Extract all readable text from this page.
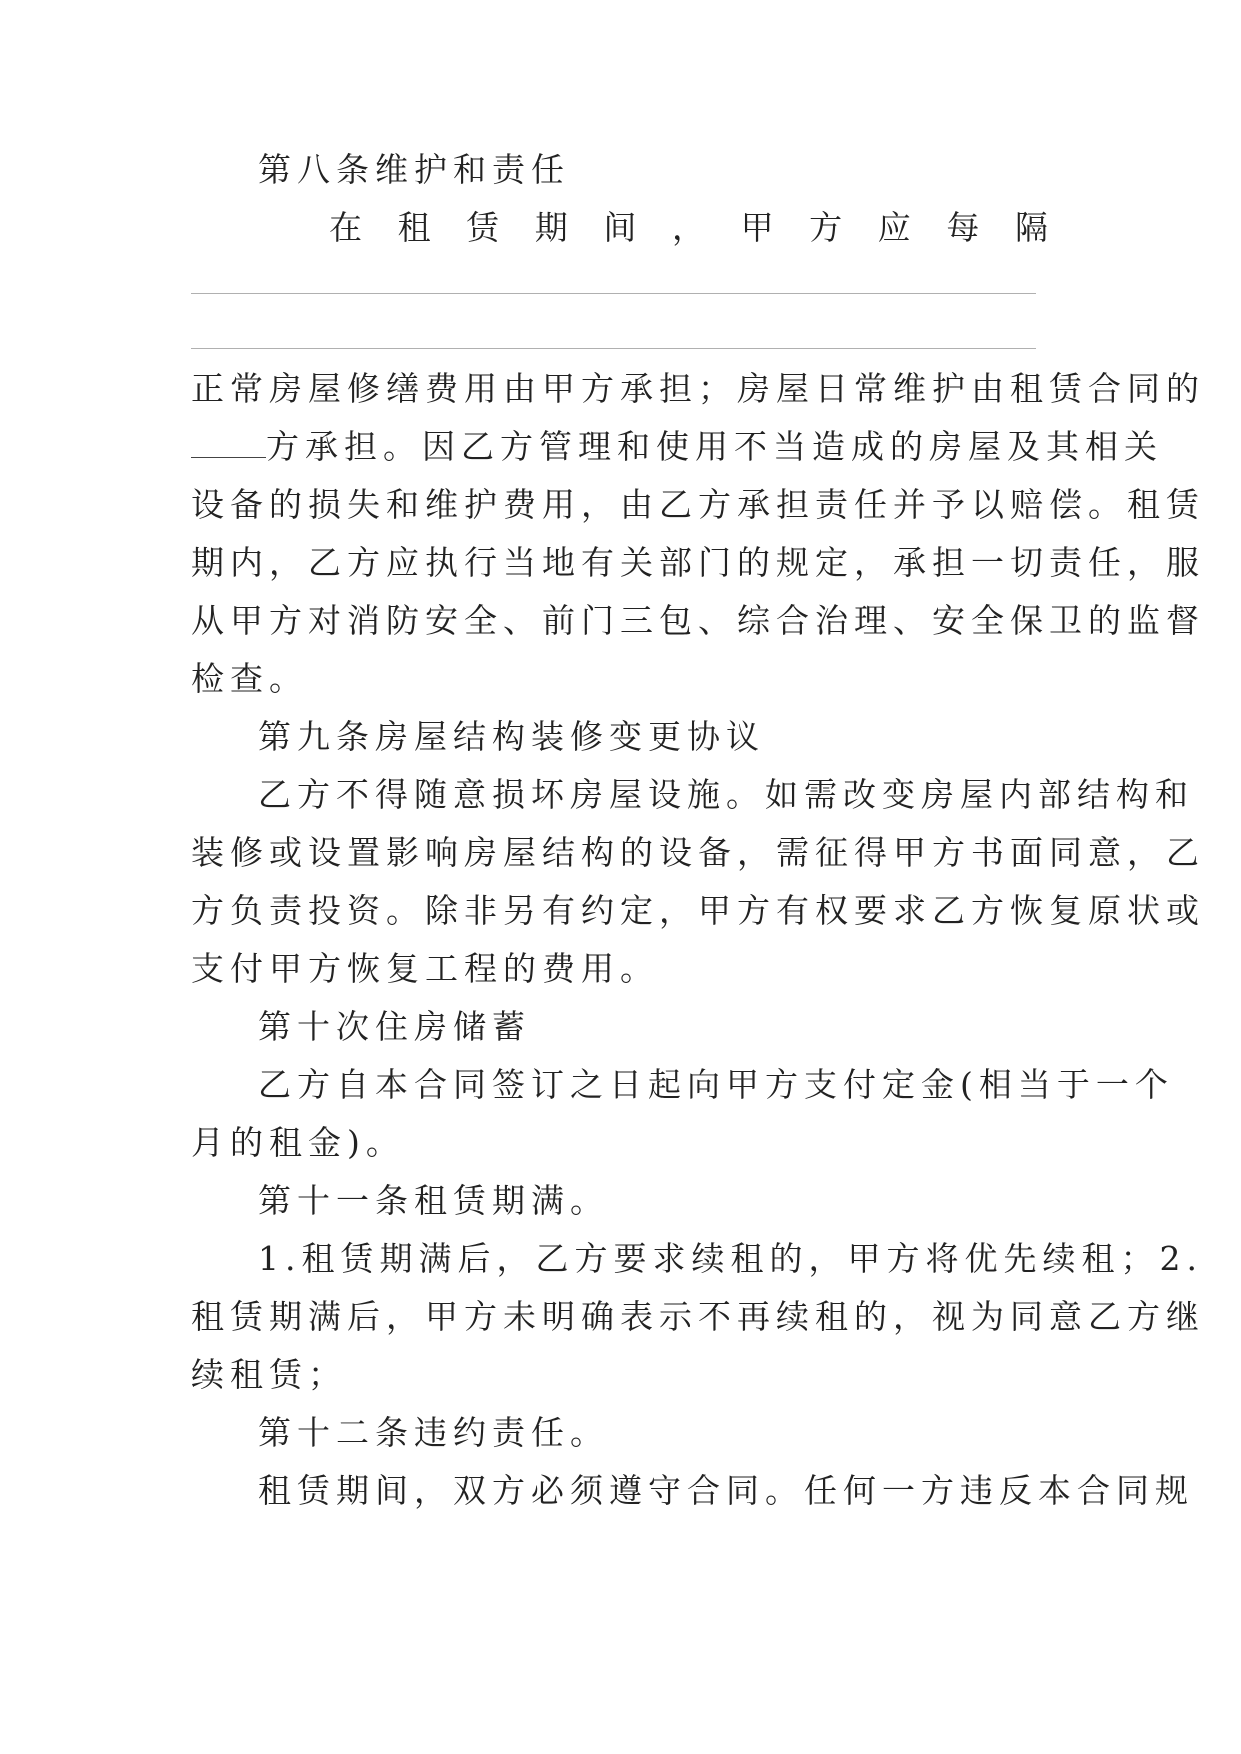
第八条维护和责任
在 租 赁 期 间 ， 甲 方 应 每 隔
正常房屋修缮费用由甲方承担；房屋日常维护由租赁合同的
方承担。因乙方管理和使用不当造成的房屋及其相关
设备的损失和维护费用，由乙方承担责任并予以赔偿。租赁
期内，乙方应执行当地有关部门的规定，承担一切责任，服
从甲方对消防安全、前门三包、综合治理、安全保卫的监督
检查。
第九条房屋结构装修变更协议
乙方不得随意损坏房屋设施。如需改变房屋内部结构和
装修或设置影响房屋结构的设备，需征得甲方书面同意，乙
方负责投资。除非另有约定，甲方有权要求乙方恢复原状或
支付甲方恢复工程的费用。
第十次住房储蓄
乙方自本合同签订之日起向甲方支付定金(相当于一个
月的租金)。
第十一条租赁期满。
1.租赁期满后，乙方要求续租的，甲方将优先续租；2.
租赁期满后，甲方未明确表示不再续租的，视为同意乙方继
续租赁；
第十二条违约责任。
租赁期间，双方必须遵守合同。任何一方违反本合同规
